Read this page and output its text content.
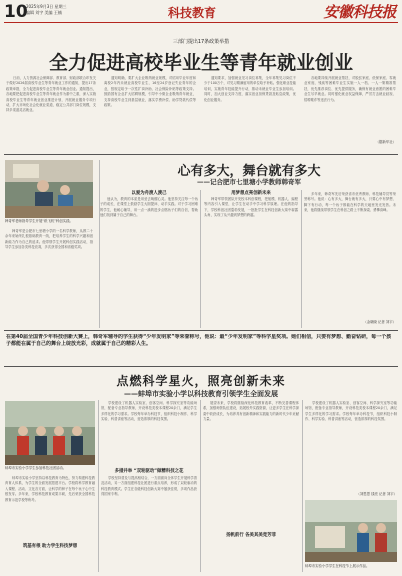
10
2025年9月3日 星期三
编辑 刘宇 美编 王楠	科技教育	安徽科技报
三部门提出17条政策举措
全力促进高校毕业生等青年就业创业

日前，人力资源社会保障部、教育部、财政部联合印发关于做好2026届高校毕业生等青年就业工作的通知，提出17条政策举措，全力促进高校毕业生等青年就业创业。通知提出，各地要把促进高校毕业生等青年就业作为重中之重，深入实施高校毕业生等青年就业创业推进计划，开展就业服务专项行动，扩大市场化社会化就业渠道，稳定公共部门岗位规模，支持多渠道灵活就业。

通知明确，要扩大企业吸纳就业规模，对招用毕业年度和离校2年内未就业高校毕业生、16至24岁登记失业青年的企业，按规定给予一次性扩岗补助、社会保险补贴等政策支持。鼓励国有企业扩大招聘规模，引导中小微企业吸纳青年就业，支持高校毕业生到基层就业，落实学费补偿、助学贷款代偿等政策。

通知要求，加强就业见习岗位募集，全年募集见习岗位不少于100万个，对见习期满留用的单位给予补贴。强化职业技能培训，实施青年技能提升行动，推动未就业毕业生参加培训。同时，加大创业支持力度，落实创业担保贷款及贴息政策，优化创业服务。

各地要持续开展就业帮扶，对脱贫家庭、低保家庭、零就业家庭、残疾等困难毕业生实施一人一档、一人一策精准帮扶，优先推荐岗位、优先提供服务，确保有就业意愿的困难毕业生尽早就业。同时强化就业权益保障，严厉打击就业歧视、招聘欺诈等违法行为。

（据新华社）
心有多大，舞台就有多大
——记合肥市七里塘小学教师韩奇军
韩奇军老师指导学生开展“纸飞机”科创实践。

韩奇军是合肥市七里塘小学的一名科学教师，从教二十余年来始终扎根基础教育一线，把培养学生的科学兴趣和创新能力作为自己的追求。他带领学生开展科创实践活动，指导学生参加各类科技竞赛，多次获得全国和省级奖项。

以爱为舟渡人渡己

他认为，教育的本质是用爱去唤醒心灵。他坚持关注每一个孩子的成长，在课堂上鼓励学生大胆提问、动手实践。对于学习困难的学生，他耐心辅导，用一点一滴的进步点燃孩子们的自信，帮助他们找到属于自己的舞台。

用梦想点亮创新未来

韩奇军带领团队开发校本科创课程，把航模、机器人、编程等内容引入课堂，让学生在动手中学习科学原理。在他的指导下，学校科创社团蓬勃发展，一批批学生在科技创新大赛中崭露头角，实现了从兴趣到梦想的跨越。

多年来，韩奇军先后荣获省市优秀教师、科技辅导员等荣誉称号。他说：心有多大，舞台就有多大，只要心中有梦想、脚下有行动，每一个孩子都能在科学的天地里发光发热。未来，他将继续带领学生在科创之路上不断探索、勇攀高峰。

（金晓晓 记者 刘宇）
在第40届全国青少年科技创新大赛上，韩奇军辅导的学生获得“少年发明家”等荣誉称号，他说：最“少年发明家”等科学星奖项。她们相信，只要有梦想、勤奋钻研，每一个孩子都能在属于自己的舞台上绽放光彩，成就属于自己的精彩人生。
点燃科学星火，照亮创新未来
——蚌埠市实验小学以科技教育引领学生全面发展
蚌埠市实验小学学生参加科技社团活动。

蚌埠市实验小学坚持以科技教育为特色，努力构建科技教育育人体系，为学生的全面发展搭建平台。学校将科学教育融入课程、活动、文化各方面，让科学的种子在每个孩子心中生根发芽。多年来，学校科技教育成果丰硕，先后荣获全国科技教育示范学校等称号。

筑基有根 助力学生科技梦想

学校建设了机器人实验室、创客空间、科学探究室等功能场馆，配备专业指导教师，开设科技类校本课程20余门，满足学生多样化的学习需求。学校每年举办科技节，组织科技小制作、科学实验、科普讲座等活动，营造浓厚的科技氛围。

多措并举 “双轮驱动”做精科技之花

学校坚持普及与提高相结合，一方面面向全体学生开展科学普及活动，另一方面组建科技社团进行重点培养，形成了双轮驱动的科技教育模式。学生在各级科技创新大赛中屡获佳绩，多项作品获得国家专利。

展望未来，学校将继续深化科技教育改革，不断完善课程体系，加强师资队伍建设，拓展校外实践资源，让更多学生在科学探索中收获成长，为培养具有创新精神和实践能力的新时代少年贡献力量。

扬帆前行 各美其美竞芳菲

学校建设了机器人实验室、创客空间、科学探究室等功能场馆，配备专业指导教师，开设科技类校本课程20余门，满足学生多样化的学习需求。学校每年举办科技节，组织科技小制作、科学实验、科普讲座等活动，营造浓厚的科技氛围。

（刘思思 钱亮 记者 刘宇）
蚌埠市实验小学学生在科技节上展示作品。
